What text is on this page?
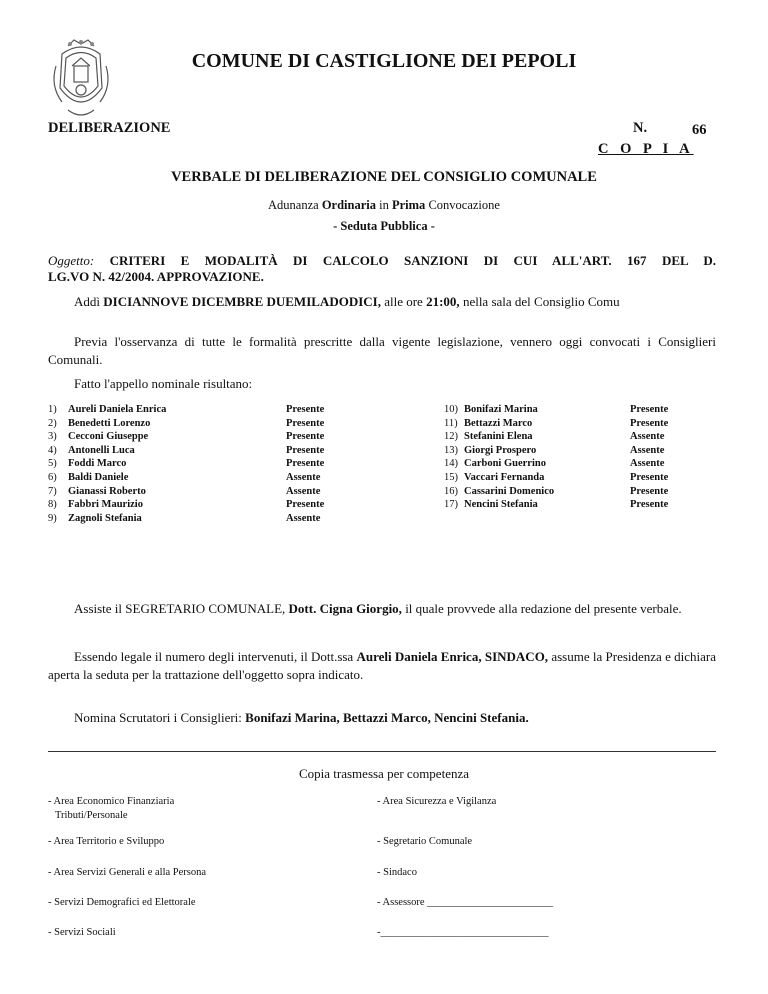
COMUNE DI CASTIGLIONE DEI PEPOLI
DELIBERAZIONE	N.	66
C O P I A
VERBALE DI DELIBERAZIONE DEL CONSIGLIO COMUNALE
Adunanza Ordinaria in Prima Convocazione
- Seduta Pubblica -
Oggetto: CRITERI E MODALITÀ DI CALCOLO SANZIONI DI CUI ALL'ART. 167 DEL D.
LG.VO N. 42/2004. APPROVAZIONE.
Addì DICIANNOVE DICEMBRE DUEMILADODICI, alle ore 21:00, nella sala del Consiglio Comu
Previa l'osservanza di tutte le formalità prescritte dalla vigente legislazione, vennero oggi convocati i Consiglieri Comunali.
Fatto l'appello nominale risultano:
1) Aureli Daniela Enrica
2) Benedetti Lorenzo
3) Cecconi Giuseppe
4) Antonelli Luca
5) Foddi Marco
6) Baldi Daniele
7) Gianassi Roberto
8) Fabbri Maurizio
9) Zagnoli Stefania
Presente
Presente
Presente
Presente
Presente
Assente
Assente
Presente
Assente
10) Bonifazi Marina
11) Bettazzi Marco
12) Stefanini Elena
13) Giorgi Prospero
14) Carboni Guerrino
15) Vaccari Fernanda
16) Cassarini Domenico
17) Nencini Stefania
Presente
Presente
Assente
Assente
Assente
Presente
Presente
Presente
Assiste il SEGRETARIO COMUNALE, Dott. Cigna Giorgio, il quale provvede alla redazione del presente verbale.
Essendo legale il numero degli intervenuti, il Dott.ssa Aureli Daniela Enrica, SINDACO, assume la Presidenza e dichiara aperta la seduta per la trattazione dell'oggetto sopra indicato.
Nomina Scrutatori i Consiglieri: Bonifazi Marina, Bettazzi Marco, Nencini Stefania.
Copia trasmessa per competenza
- Area Economico Finanziaria
Tributi/Personale
- Area Territorio e Sviluppo
- Area Servizi Generali e alla Persona
- Servizi Demografici ed Elettorale
- Servizi Sociali
- Area Sicurezza e Vigilanza
- Segretario Comunale
- Sindaco
- Assessore ________________________
-________________________________
